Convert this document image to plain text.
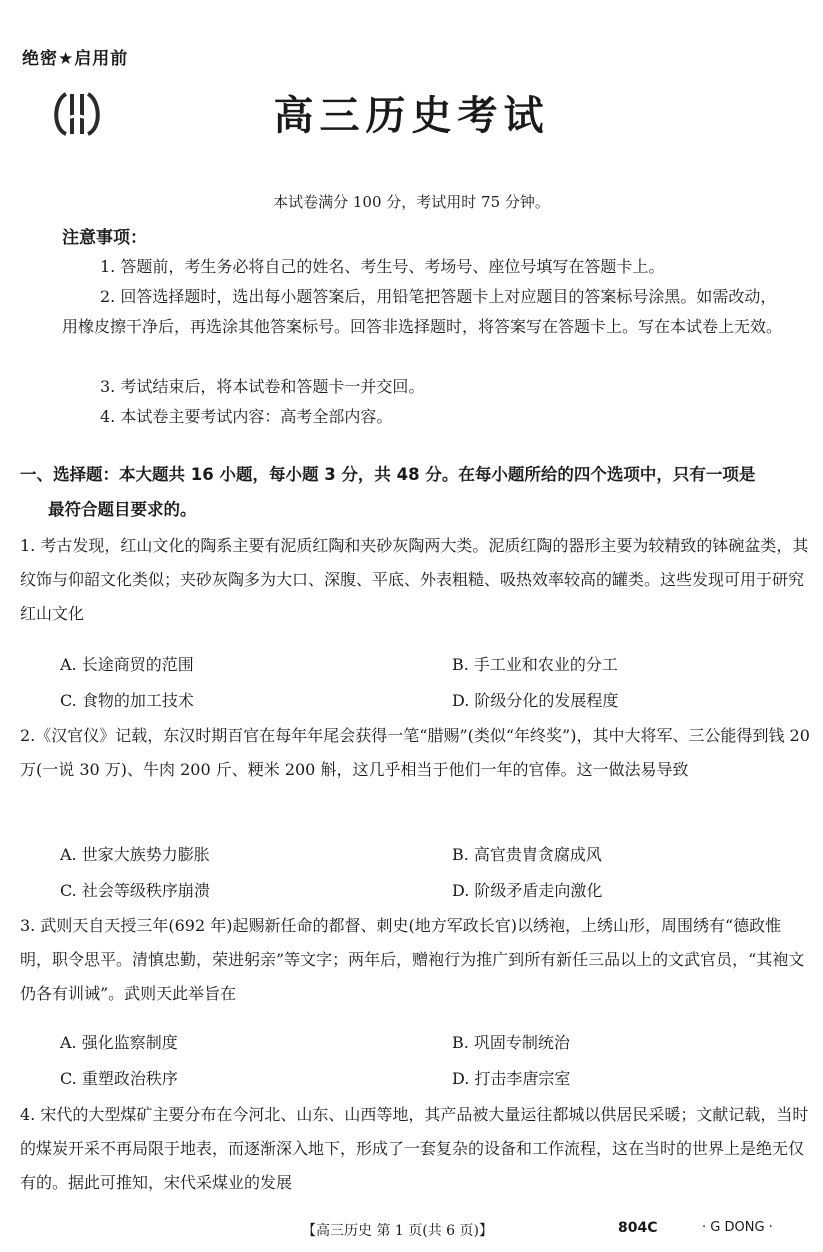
绝密★启用前
高三历史考试
本试卷满分 100 分，考试用时 75 分钟。
注意事项：
1. 答题前，考生务必将自己的姓名、考生号、考场号、座位号填写在答题卡上。
2. 回答选择题时，选出每小题答案后，用铅笔把答题卡上对应题目的答案标号涂黑。如需改动，用橡皮擦干净后，再选涂其他答案标号。回答非选择题时，将答案写在答题卡上。写在本试卷上无效。
3. 考试结束后，将本试卷和答题卡一并交回。
4. 本试卷主要考试内容：高考全部内容。
一、选择题：本大题共 16 小题，每小题 3 分，共 48 分。在每小题所给的四个选项中，只有一项是
最符合题目要求的。
1. 考古发现，红山文化的陶系主要有泥质红陶和夹砂灰陶两大类。泥质红陶的器形主要为较精致的钵碗盆类，其纹饰与仰韶文化类似；夹砂灰陶多为大口、深腹、平底、外表粗糙、吸热效率较高的罐类。这些发现可用于研究红山文化
A. 长途商贸的范围	B. 手工业和农业的分工
C. 食物的加工技术	D. 阶级分化的发展程度
2.《汉官仪》记载，东汉时期百官在每年年尾会获得一笔“腊赐”(类似“年终奖”)，其中大将军、三公能得到钱 20 万(一说 30 万)、牛肉 200 斤、粳米 200 斛，这几乎相当于他们一年的官俸。这一做法易导致
A. 世家大族势力膨胀	B. 高官贵胄贪腐成风
C. 社会等级秩序崩溃	D. 阶级矛盾走向激化
3. 武则天自天授三年(692 年)起赐新任命的都督、刺史(地方军政长官)以绣袍，上绣山形，周围绣有“德政惟明，职令思平。清慎忠勤，荣进躬亲”等文字；两年后，赠袍行为推广到所有新任三品以上的文武官员，“其袍文仍各有训诫”。武则天此举旨在
A. 强化监察制度	B. 巩固专制统治
C. 重塑政治秩序	D. 打击李唐宗室
4. 宋代的大型煤矿主要分布在今河北、山东、山西等地，其产品被大量运往都城以供居民采暖；文献记载，当时的煤炭开采不再局限于地表，而逐渐深入地下，形成了一套复杂的设备和工作流程，这在当时的世界上是绝无仅有的。据此可推知，宋代采煤业的发展
【高三历史 第 1 页(共 6 页)】	804C	· G DONG ·
